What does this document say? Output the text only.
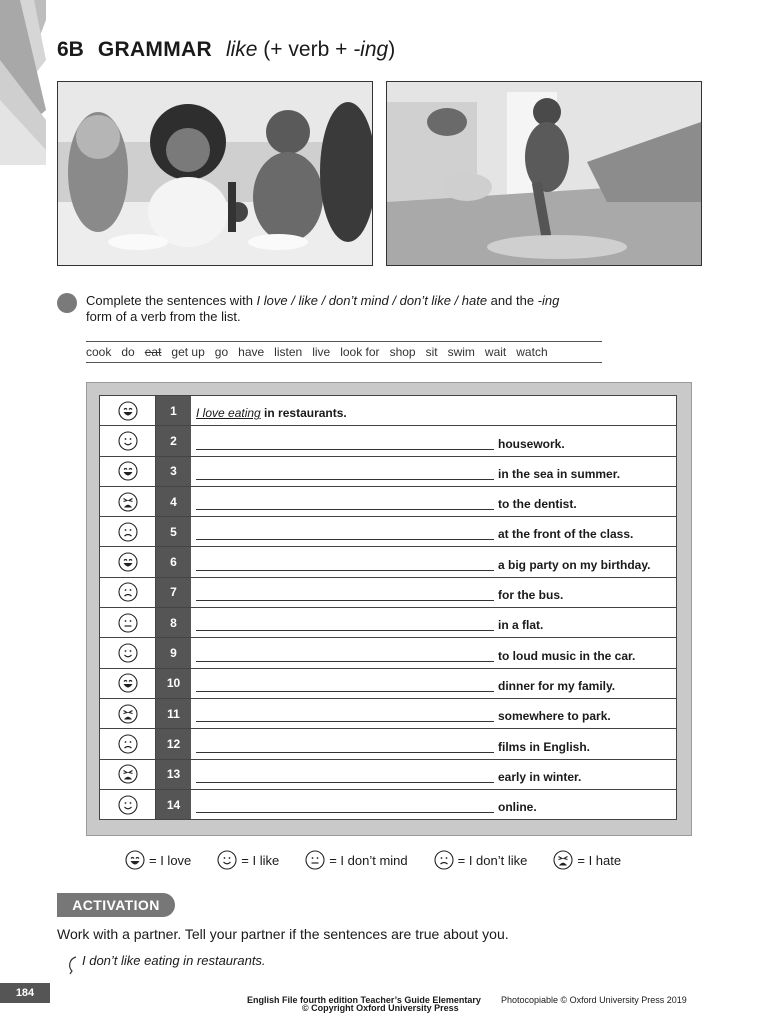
6B GRAMMAR like (+ verb + -ing)
Complete the sentences with I love / like / don’t mind / don’t like / hate and the -ing form of a verb from the list.
cook do eat get up go have listen live look for shop sit swim wait watch
1	I love eating in restaurants.
2	housework.
3	in the sea in summer.
4	to the dentist.
5	at the front of the class.
6	a big party on my birthday.
7	for the bus.
8	in a flat.
9	to loud music in the car.
10	dinner for my family.
11	somewhere to park.
12	films in English.
13	early in winter.
14	online.
= I love	= I like	= I don’t mind	= I don’t like	= I hate
ACTIVATION
Work with a partner. Tell your partner if the sentences are true about you.
I don’t like eating in restaurants.
184
English File fourth edition Teacher’s Guide Elementary Photocopiable © Oxford University Press 2019
© Copyright Oxford University Press
